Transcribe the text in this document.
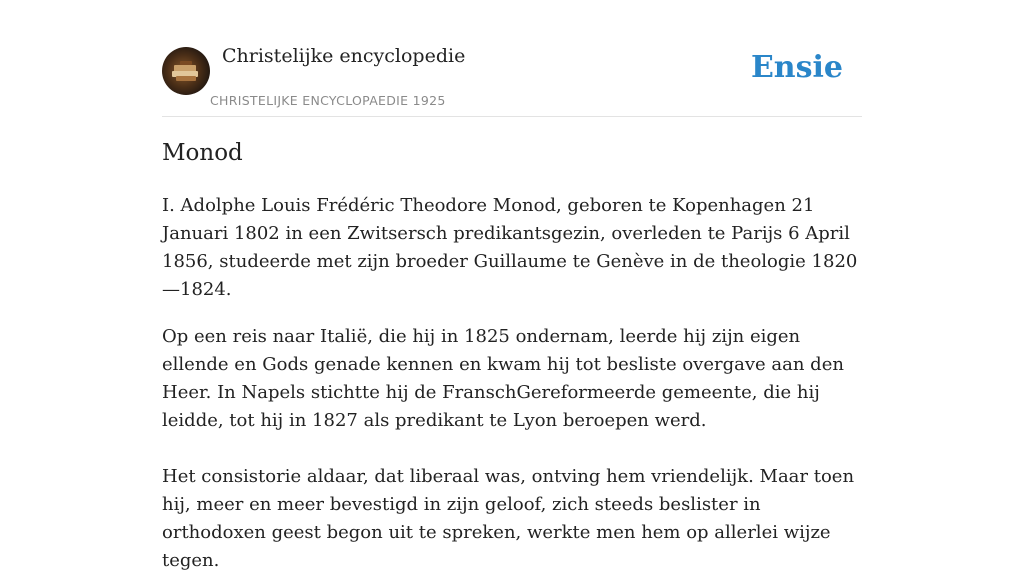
Christelijke encyclopedie
CHRISTELIJKE ENCYCLOPAEDIE 1925
Ensie
Monod

I. Adolphe Louis Frédéric Theodore Monod, geboren te Kopenhagen 21 Januari 1802 in een Zwitsersch predikantsgezin, overleden te Parijs 6 April 1856, studeerde met zijn broeder Guillaume te Genève in de theologie 1820 —1824.

Op een reis naar Italië, die hij in 1825 ondernam, leerde hij zijn eigen ellende en Gods genade kennen en kwam hij tot besliste overgave aan den Heer. In Napels stichtte hij de FranschGereformeerde gemeente, die hij leidde, tot hij in 1827 als predikant te Lyon beroepen werd.

Het consistorie aldaar, dat liberaal was, ontving hem vriendelijk. Maar toen hij, meer en meer bevestigd in zijn geloof, zich steeds beslister in orthodoxen geest begon uit te spreken, werkte men hem op allerlei wijze tegen.
